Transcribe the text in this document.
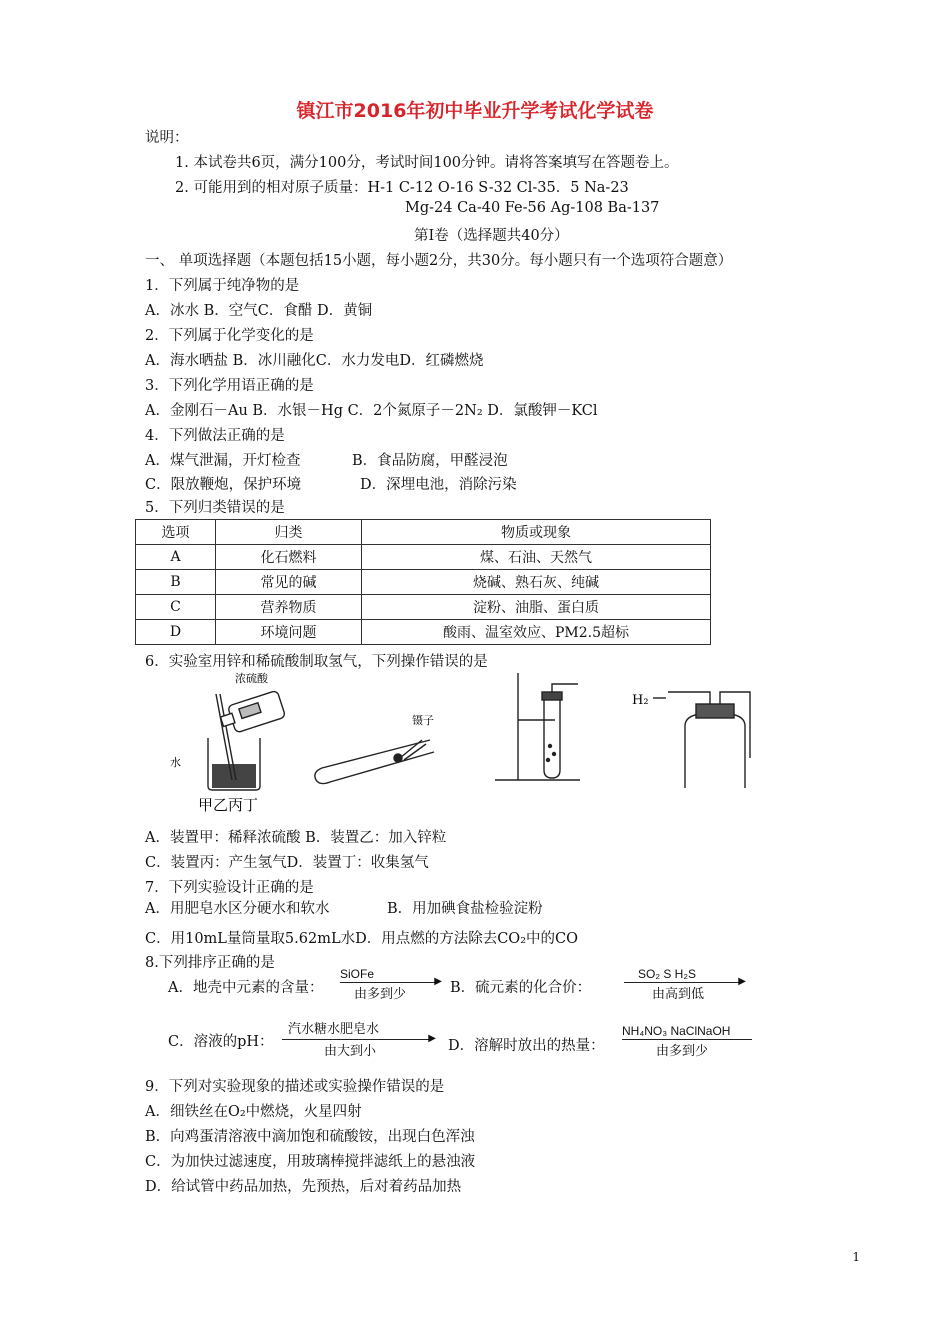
镇江市2016年初中毕业升学考试化学试卷
说明：
1. 本试卷共6页，满分100分，考试时间100分钟。请将答案填写在答题卷上。
2. 可能用到的相对原子质量：H-1 C-12 O-16 S-32 Cl-35．5 Na-23
Mg-24 Ca-40 Fe-56 Ag-108 Ba-137
第Ⅰ卷（选择题共40分）
一、 单项选择题（本题包括15小题，每小题2分，共30分。每小题只有一个选项符合题意）
1．下列属于纯净物的是
A．冰水 B．空气C．食醋 D．黄铜
2．下列属于化学变化的是
A．海水晒盐 B．冰川融化C．水力发电D．红磷燃烧
3．下列化学用语正确的是
A．金刚石－Au B．水银－Hg C．2个氮原子－2N₂ D．氯酸钾－KCl
4．下列做法正确的是
A．煤气泄漏，开灯检查	B．食品防腐，甲醛浸泡
C．限放鞭炮，保护环境	D．深埋电池，消除污染
5．下列归类错误的是
选项	归类	物质或现象
A	化石燃料	煤、石油、天然气
B	常见的碱	烧碱、熟石灰、纯碱
C	营养物质	淀粉、油脂、蛋白质
D	环境问题	酸雨、温室效应、PM2.5超标
6．实验室用锌和稀硫酸制取氢气，下列操作错误的是
浓硫酸
水
镊子
H₂
甲乙丙丁
A．装置甲：稀释浓硫酸 B．装置乙：加入锌粒
C．装置丙：产生氢气D．装置丁：收集氢气
7．下列实验设计正确的是
A．用肥皂水区分硬水和软水	B．用加碘食盐检验淀粉
C．用10mL量筒量取5.62mL水D．用点燃的方法除去CO₂中的CO
8.下列排序正确的是
A．地壳中元素的含量：
SiOFe
▶
由多到少	B．硫元素的化合价：
SO₂ S H₂S
▶
由高到低
C．溶液的pH：
汽水糖水肥皂水
▶
由大到小	D．溶解时放出的热量：
NH₄NO₃ NaClNaOH
由多到少
9．下列对实验现象的描述或实验操作错误的是
A．细铁丝在O₂中燃烧，火星四射
B．向鸡蛋清溶液中滴加饱和硫酸铵，出现白色浑浊
C．为加快过滤速度，用玻璃棒搅拌滤纸上的悬浊液
D．给试管中药品加热，先预热，后对着药品加热
1
